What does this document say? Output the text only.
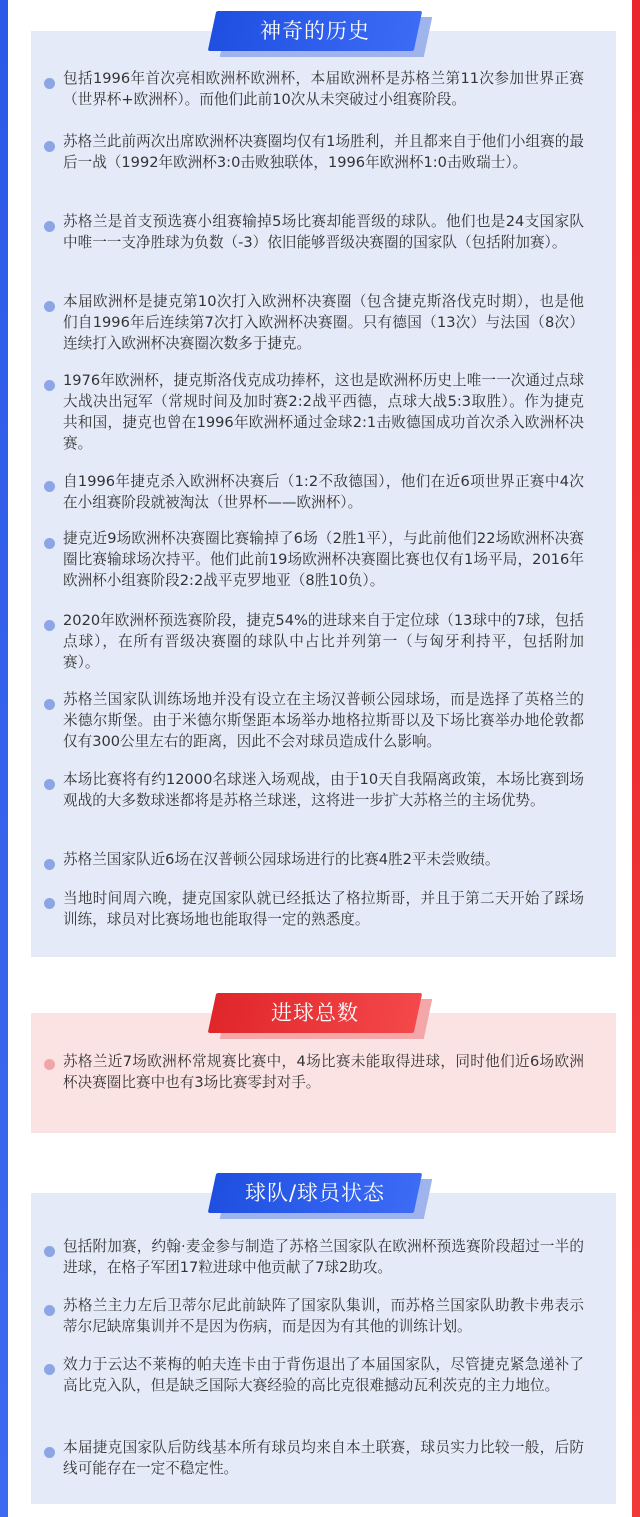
神奇的历史

包括1996年首次亮相欧洲杯欧洲杯，本届欧洲杯是苏格兰第11次参加世界正赛（世界杯+欧洲杯）。而他们此前10次从未突破过小组赛阶段。

苏格兰此前两次出席欧洲杯决赛圈均仅有1场胜利，并且都来自于他们小组赛的最后一战（1992年欧洲杯3:0击败独联体，1996年欧洲杯1:0击败瑞士）。

苏格兰是首支预选赛小组赛输掉5场比赛却能晋级的球队。他们也是24支国家队中唯一一支净胜球为负数（-3）依旧能够晋级决赛圈的国家队（包括附加赛）。

本届欧洲杯是捷克第10次打入欧洲杯决赛圈（包含捷克斯洛伐克时期），也是他们自1996年后连续第7次打入欧洲杯决赛圈。只有德国（13次）与法国（8次）连续打入欧洲杯决赛圈次数多于捷克。

1976年欧洲杯，捷克斯洛伐克成功捧杯，这也是欧洲杯历史上唯一一次通过点球大战决出冠军（常规时间及加时赛2:2战平西德，点球大战5:3取胜）。作为捷克共和国，捷克也曾在1996年欧洲杯通过金球2:1击败德国成功首次杀入欧洲杯决赛。

自1996年捷克杀入欧洲杯决赛后（1:2不敌德国），他们在近6项世界正赛中4次在小组赛阶段就被淘汰（世界杯——欧洲杯）。

捷克近9场欧洲杯决赛圈比赛输掉了6场（2胜1平），与此前他们22场欧洲杯决赛圈比赛输球场次持平。他们此前19场欧洲杯决赛圈比赛也仅有1场平局，2016年欧洲杯小组赛阶段2:2战平克罗地亚（8胜10负）。

2020年欧洲杯预选赛阶段，捷克54%的进球来自于定位球（13球中的7球，包括点球），在所有晋级决赛圈的球队中占比并列第一（与匈牙利持平，包括附加赛）。

苏格兰国家队训练场地并没有设立在主场汉普顿公园球场，而是选择了英格兰的米德尔斯堡。由于米德尔斯堡距本场举办地格拉斯哥以及下场比赛举办地伦敦都仅有300公里左右的距离，因此不会对球员造成什么影响。

本场比赛将有约12000名球迷入场观战，由于10天自我隔离政策，本场比赛到场观战的大多数球迷都将是苏格兰球迷，这将进一步扩大苏格兰的主场优势。

苏格兰国家队近6场在汉普顿公园球场进行的比赛4胜2平未尝败绩。

当地时间周六晚，捷克国家队就已经抵达了格拉斯哥，并且于第二天开始了踩场训练，球员对比赛场地也能取得一定的熟悉度。

进球总数

苏格兰近7场欧洲杯常规赛比赛中，4场比赛未能取得进球，同时他们近6场欧洲杯决赛圈比赛中也有3场比赛零封对手。

球队/球员状态

包括附加赛，约翰·麦金参与制造了苏格兰国家队在欧洲杯预选赛阶段超过一半的进球，在格子军团17粒进球中他贡献了7球2助攻。

苏格兰主力左后卫蒂尔尼此前缺阵了国家队集训，而苏格兰国家队助教卡弗表示蒂尔尼缺席集训并不是因为伤病，而是因为有其他的训练计划。

效力于云达不莱梅的帕夫连卡由于背伤退出了本届国家队，尽管捷克紧急递补了高比克入队，但是缺乏国际大赛经验的高比克很难撼动瓦利茨克的主力地位。

本届捷克国家队后防线基本所有球员均来自本土联赛，球员实力比较一般，后防线可能存在一定不稳定性。
